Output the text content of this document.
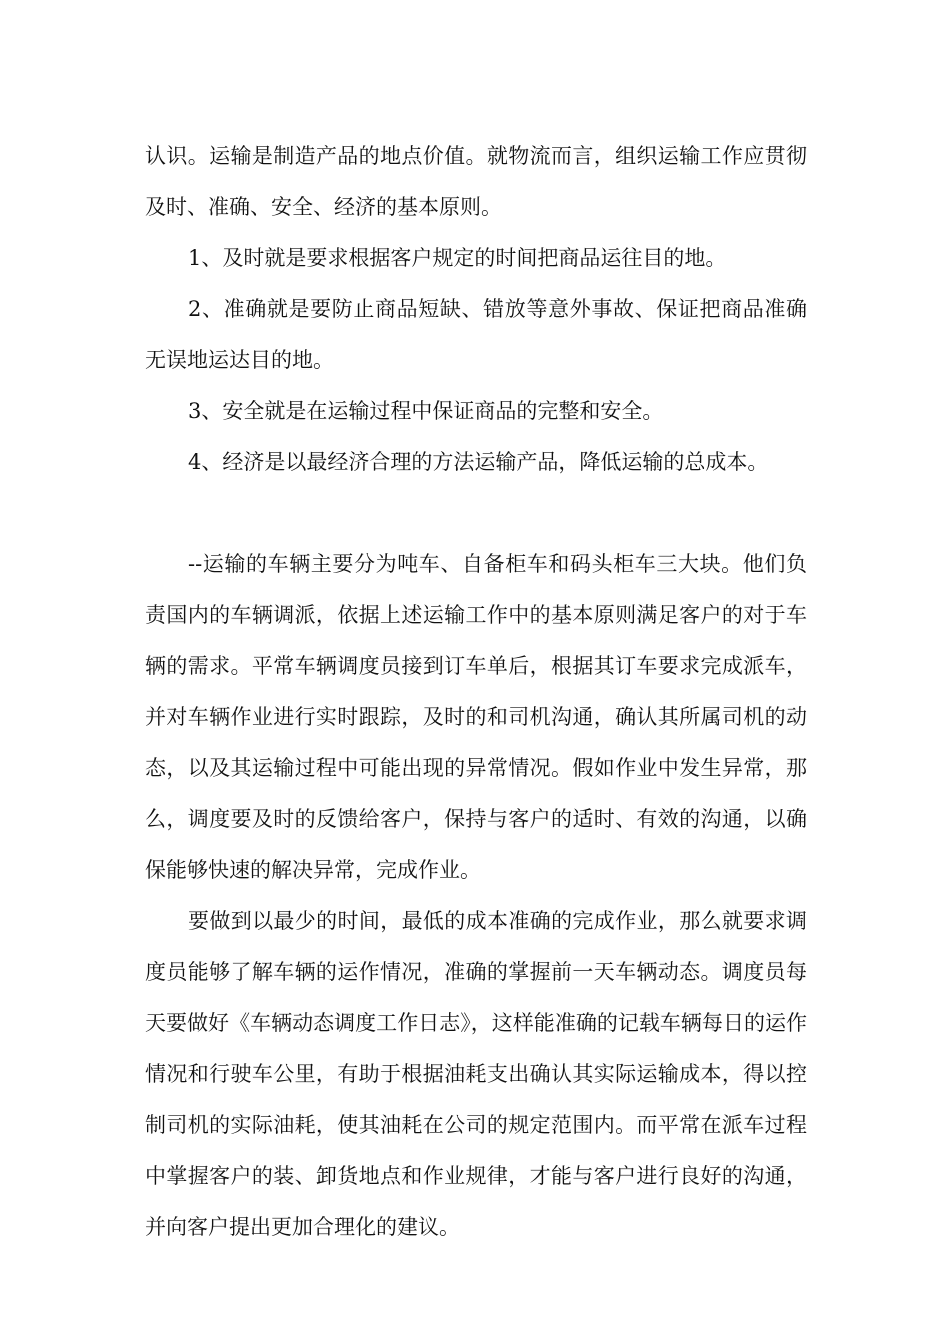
认识。运输是制造产品的地点价值。就物流而言，组织运输工作应贯彻及时、准确、安全、经济的基本原则。

1、及时就是要求根据客户规定的时间把商品运往目的地。

2、准确就是要防止商品短缺、错放等意外事故、保证把商品准确无误地运达目的地。

3、安全就是在运输过程中保证商品的完整和安全。

4、经济是以最经济合理的方法运输产品，降低运输的总成本。

--运输的车辆主要分为吨车、自备柜车和码头柜车三大块。他们负责国内的车辆调派，依据上述运输工作中的基本原则满足客户的对于车辆的需求。平常车辆调度员接到订车单后，根据其订车要求完成派车，并对车辆作业进行实时跟踪，及时的和司机沟通，确认其所属司机的动态，以及其运输过程中可能出现的异常情况。假如作业中发生异常，那么，调度要及时的反馈给客户，保持与客户的适时、有效的沟通，以确保能够快速的解决异常，完成作业。

要做到以最少的时间，最低的成本准确的完成作业，那么就要求调度员能够了解车辆的运作情况，准确的掌握前一天车辆动态。调度员每天要做好《车辆动态调度工作日志》，这样能准确的记载车辆每日的运作情况和行驶车公里，有助于根据油耗支出确认其实际运输成本，得以控制司机的实际油耗，使其油耗在公司的规定范围内。而平常在派车过程中掌握客户的装、卸货地点和作业规律，才能与客户进行良好的沟通，并向客户提出更加合理化的建议。
